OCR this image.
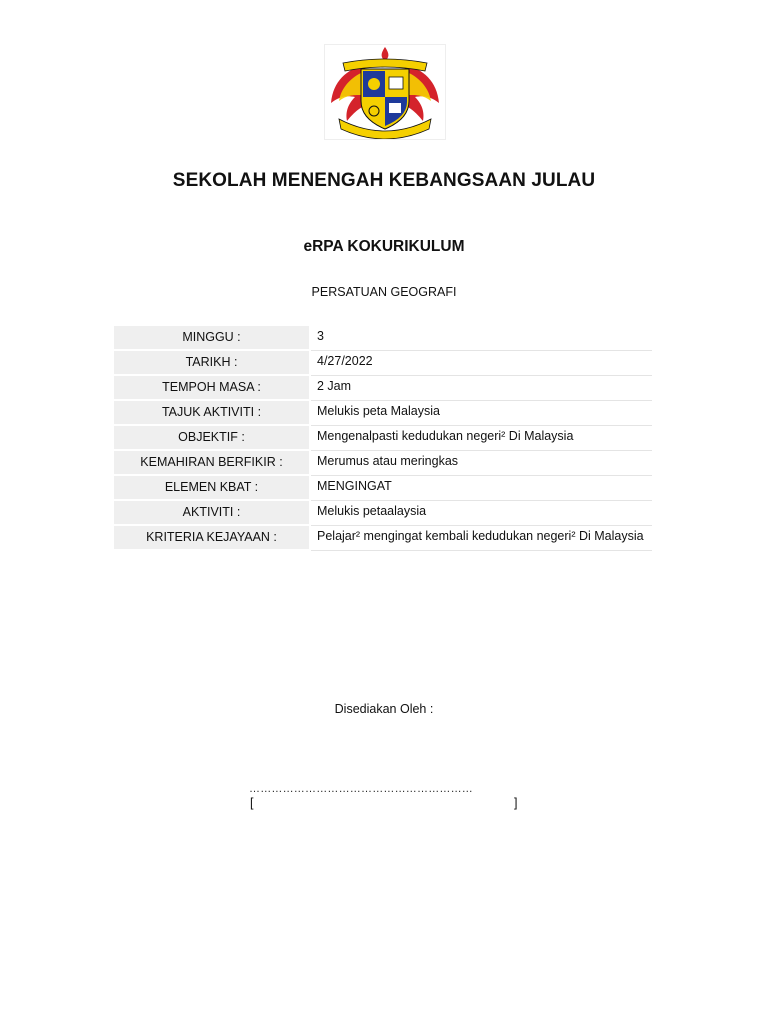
SEKOLAH MENENGAH KEBANGSAAN JULAU
eRPA KOKURIKULUM
PERSATUAN GEOGRAFI
MINGGU :	3
TARIKH :	4/27/2022
TEMPOH MASA :	2 Jam
TAJUK AKTIVITI :	Melukis peta Malaysia
OBJEKTIF :	Mengenalpasti kedudukan negeri² Di Malaysia
KEMAHIRAN BERFIKIR :	Merumus atau meringkas
ELEMEN KBAT :	MENGINGAT
AKTIVITI :	Melukis petaalaysia
KRITERIA KEJAYAAN :	Pelajar² mengingat kembali kedudukan negeri² Di Malaysia
Disediakan Oleh :
……………………………………………………
[	]
